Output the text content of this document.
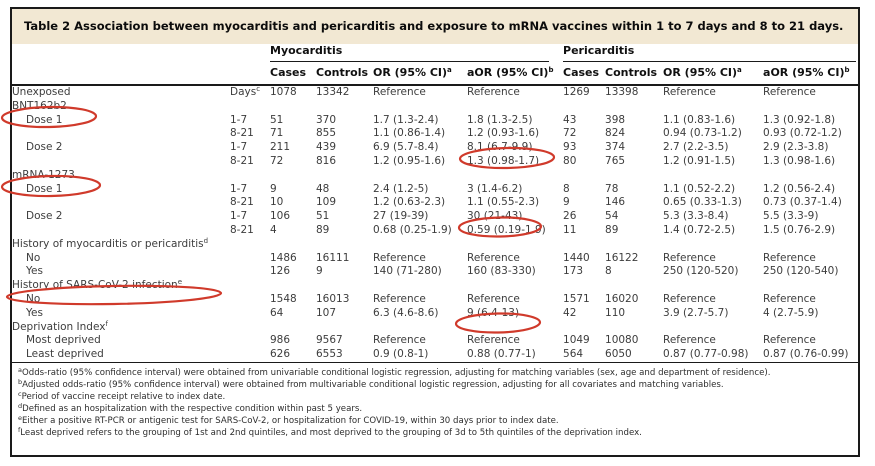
Table 2 Association between myocarditis and pericarditis and exposure to mRNA vaccines within 1 to 7 days and 8 to 21 days.

		Myocarditis				Pericarditis			

		Cases	Controls	OR (95% CI)$^a$	aOR (95% CI)$^b$	Cases	Controls	OR (95% CI)$^a$	aOR (95% CI)$^b$
Unexposed	Days$^c$	1078	13342	Reference	Reference	1269	13398	Reference	Reference
BNT162b2									
Dose 1	1-7	51	370	1.7 (1.3-2.4)	1.8 (1.3-2.5)	43	398	1.1 (0.83-1.6)	1.3 (0.92-1.8)
	8-21	71	855	1.1 (0.86-1.4)	1.2 (0.93-1.6)	72	824	0.94 (0.73-1.2)	0.93 (0.72-1.2)
Dose 2	1-7	211	439	6.9 (5.7-8.4)	8.1 (6.7-9.9)	93	374	2.7 (2.2-3.5)	2.9 (2.3-3.8)
	8-21	72	816	1.2 (0.95-1.6)	1.3 (0.98-1.7)	80	765	1.2 (0.91-1.5)	1.3 (0.98-1.6)
mRNA-1273									
Dose 1	1-7	9	48	2.4 (1.2-5)	3 (1.4-6.2)	8	78	1.1 (0.52-2.2)	1.2 (0.56-2.4)
	8-21	10	109	1.2 (0.63-2.3)	1.1 (0.55-2.3)	9	146	0.65 (0.33-1.3)	0.73 (0.37-1.4)
Dose 2	1-7	106	51	27 (19-39)	30 (21-43)	26	54	5.3 (3.3-8.4)	5.5 (3.3-9)
	8-21	4	89	0.68 (0.25-1.9)	0.59 (0.19-1.9)	11	89	1.4 (0.72-2.5)	1.5 (0.76-2.9)
History of myocarditis or pericarditis$^d$									
No		1486	16111	Reference	Reference	1440	16122	Reference	Reference
Yes		126	9	140 (71-280)	160 (83-330)	173	8	250 (120-520)	250 (120-540)
History of SARS-CoV-2 infection$^e$									
No		1548	16013	Reference	Reference	1571	16020	Reference	Reference
Yes		64	107	6.3 (4.6-8.6)	9 (6.4-13)	42	110	3.9 (2.7-5.7)	4 (2.7-5.9)
Deprivation Index$^f$									
Most deprived		986	9567	Reference	Reference	1049	10080	Reference	Reference
Least deprived		626	6553	0.9 (0.8-1)	0.88 (0.77-1)	564	6050	0.87 (0.77-0.98)	0.87 (0.76-0.99)
$^a$Odds-ratio (95% confidence interval) were obtained from univariable conditional logistic regression, adjusting for matching variables (sex, age and department of residence).
$^b$Adjusted odds-ratio (95% confidence interval) were obtained from multivariable conditional logistic regression, adjusting for all covariates and matching variables.
$^c$Period of vaccine receipt relative to index date.
$^d$Defined as an hospitalization with the respective condition within past 5 years.
$^e$Either a positive RT-PCR or antigenic test for SARS-CoV-2, or hospitalization for COVID-19, within 30 days prior to index date.
$^f$Least deprived refers to the grouping of 1st and 2nd quintiles, and most deprived to the grouping of 3d to 5th quintiles of the deprivation index.
